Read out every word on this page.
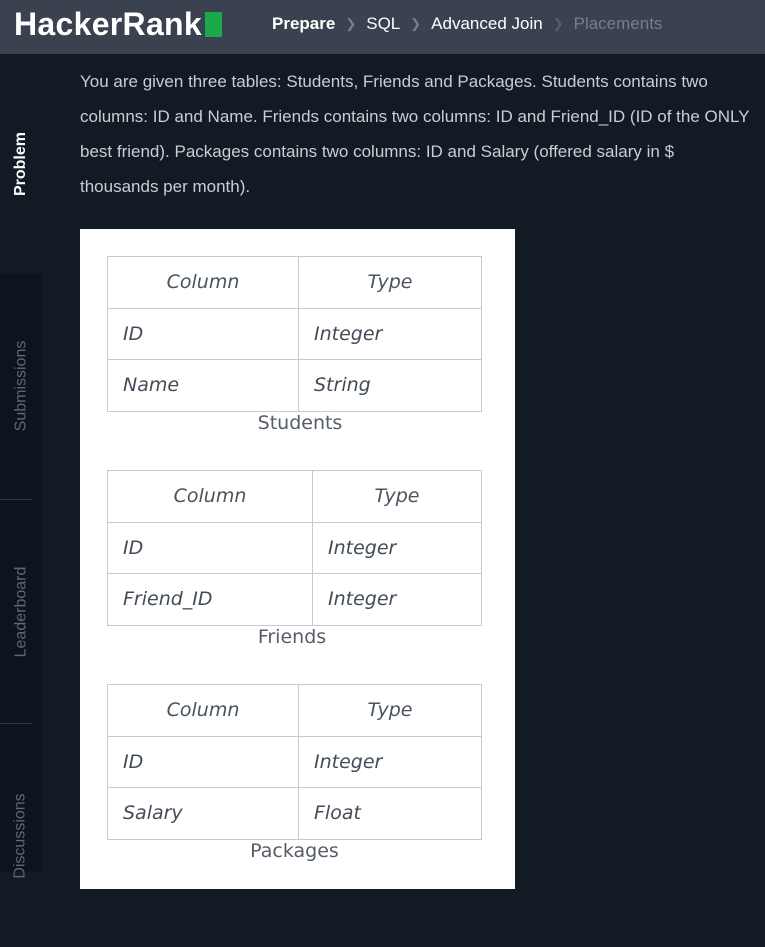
HackerRank	Prepare ❯ SQL ❯ Advanced Join ❯ Placements
Problem
Submissions
Leaderboard
Discussions
You are given three tables: Students, Friends and Packages. Students contains two columns: ID and Name. Friends contains two columns: ID and Friend_ID (ID of the ONLY best friend). Packages contains two columns: ID and Salary (offered salary in $ thousands per month).
Column	Type
ID	Integer
Name	String
Students
Column	Type
ID	Integer
Friend_ID	Integer
Friends
Column	Type
ID	Integer
Salary	Float
Packages
